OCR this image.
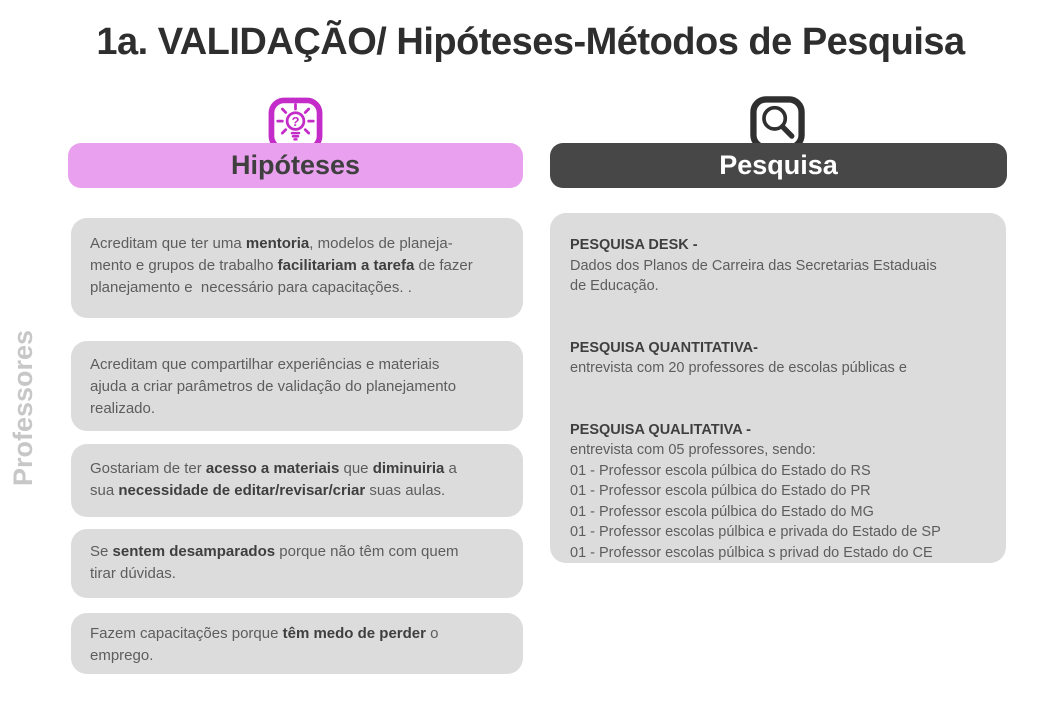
1a. VALIDAÇÃO/ Hipóteses-Métodos de Pesquisa
Professores
?
Hipóteses
Acreditam que ter uma mentoria, modelos de planeja-
mento e grupos de trabalho facilitariam a tarefa de fazer
planejamento e  necessário para capacitações. .
Acreditam que compartilhar experiências e materiais
ajuda a criar parâmetros de validação do planejamento
realizado.
Gostariam de ter acesso a materiais que diminuiria a
sua necessidade de editar/revisar/criar suas aulas.
Se sentem desamparados porque não têm com quem
tirar dúvidas.
Fazem capacitações porque têm medo de perder o
emprego.
Pesquisa
PESQUISA DESK -
Dados dos Planos de Carreira das Secretarias Estaduais
de Educação.

PESQUISA QUANTITATIVA-
entrevista com 20 professores de escolas públicas e

PESQUISA QUALITATIVA -
entrevista com 05 professores, sendo:
01 - Professor escola púlbica do Estado do RS
01 - Professor escola púlbica do Estado do PR
01 - Professor escola púlbica do Estado do MG
01 - Professor escolas púlbica e privada do Estado de SP
01 - Professor escolas púlbica s privad do Estado do CE
